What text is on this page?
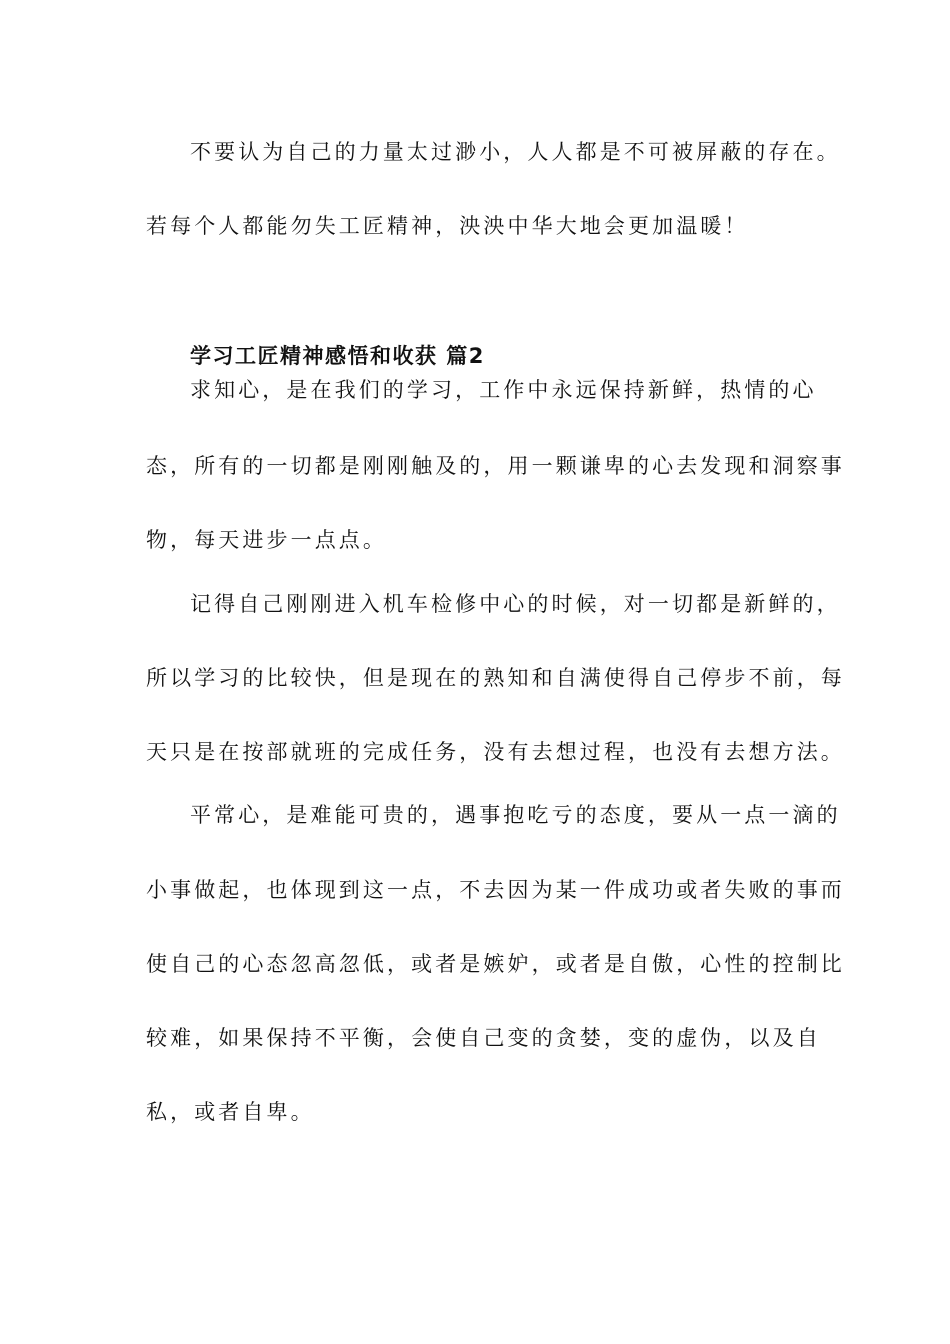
不要认为自己的力量太过渺小，人人都是不可被屏蔽的存在。
若每个人都能勿失工匠精神，泱泱中华大地会更加温暖！
学习工匠精神感悟和收获 篇2
求知心，是在我们的学习，工作中永远保持新鲜，热情的心
态，所有的一切都是刚刚触及的，用一颗谦卑的心去发现和洞察事
物，每天进步一点点。
记得自己刚刚进入机车检修中心的时候，对一切都是新鲜的，
所以学习的比较快，但是现在的熟知和自满使得自己停步不前，每
天只是在按部就班的完成任务，没有去想过程，也没有去想方法。
平常心，是难能可贵的，遇事抱吃亏的态度，要从一点一滴的
小事做起，也体现到这一点，不去因为某一件成功或者失败的事而
使自己的心态忽高忽低，或者是嫉妒，或者是自傲，心性的控制比
较难，如果保持不平衡，会使自己变的贪婪，变的虚伪，以及自
私，或者自卑。
